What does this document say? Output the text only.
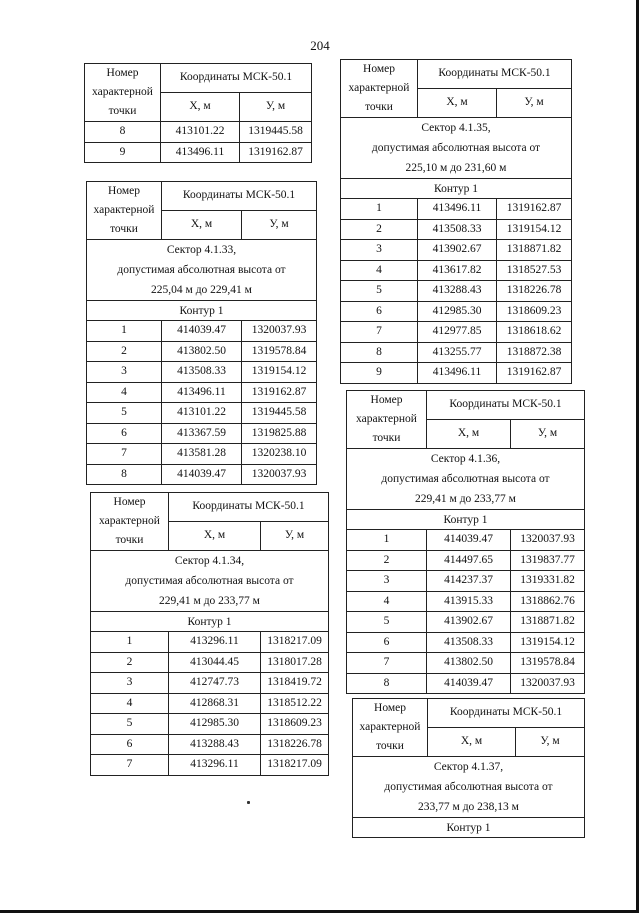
204
Номер характерной точки	Координаты МСК-50.1	
	Х, м	У, м
8	413101.22	1319445.58
9	413496.11	1319162.87
Номер характерной точки	Координаты МСК-50.1	
	Х, м	У, м

Сектор 4.1.33,
допустимая абсолютная высота от
225,04 м до 229,41 м		

Контур 1		
1	414039.47	1320037.93
2	413802.50	1319578.84
3	413508.33	1319154.12
4	413496.11	1319162.87
5	413101.22	1319445.58
6	413367.59	1319825.88
7	413581.28	1320238.10
8	414039.47	1320037.93
Номер характерной точки	Координаты МСК-50.1	
	Х, м	У, м

Сектор 4.1.34,
допустимая абсолютная высота от
229,41 м до 233,77 м		

Контур 1		
1	413296.11	1318217.09
2	413044.45	1318017.28
3	412747.73	1318419.72
4	412868.31	1318512.22
5	412985.30	1318609.23
6	413288.43	1318226.78
7	413296.11	1318217.09
Номер характерной точки	Координаты МСК-50.1	
	Х, м	У, м

Сектор 4.1.35,
допустимая абсолютная высота от
225,10 м до 231,60 м		

Контур 1		
1	413496.11	1319162.87
2	413508.33	1319154.12
3	413902.67	1318871.82
4	413617.82	1318527.53
5	413288.43	1318226.78
6	412985.30	1318609.23
7	412977.85	1318618.62
8	413255.77	1318872.38
9	413496.11	1319162.87
Номер характерной точки	Координаты МСК-50.1	
	Х, м	У, м

Сектор 4.1.36,
допустимая абсолютная высота от
229,41 м до 233,77 м		

Контур 1		
1	414039.47	1320037.93
2	414497.65	1319837.77
3	414237.37	1319331.82
4	413915.33	1318862.76
5	413902.67	1318871.82
6	413508.33	1319154.12
7	413802.50	1319578.84
8	414039.47	1320037.93
Номер характерной точки	Координаты МСК-50.1	
	Х, м	У, м

Сектор 4.1.37,
допустимая абсолютная высота от
233,77 м до 238,13 м		

Контур 1		
